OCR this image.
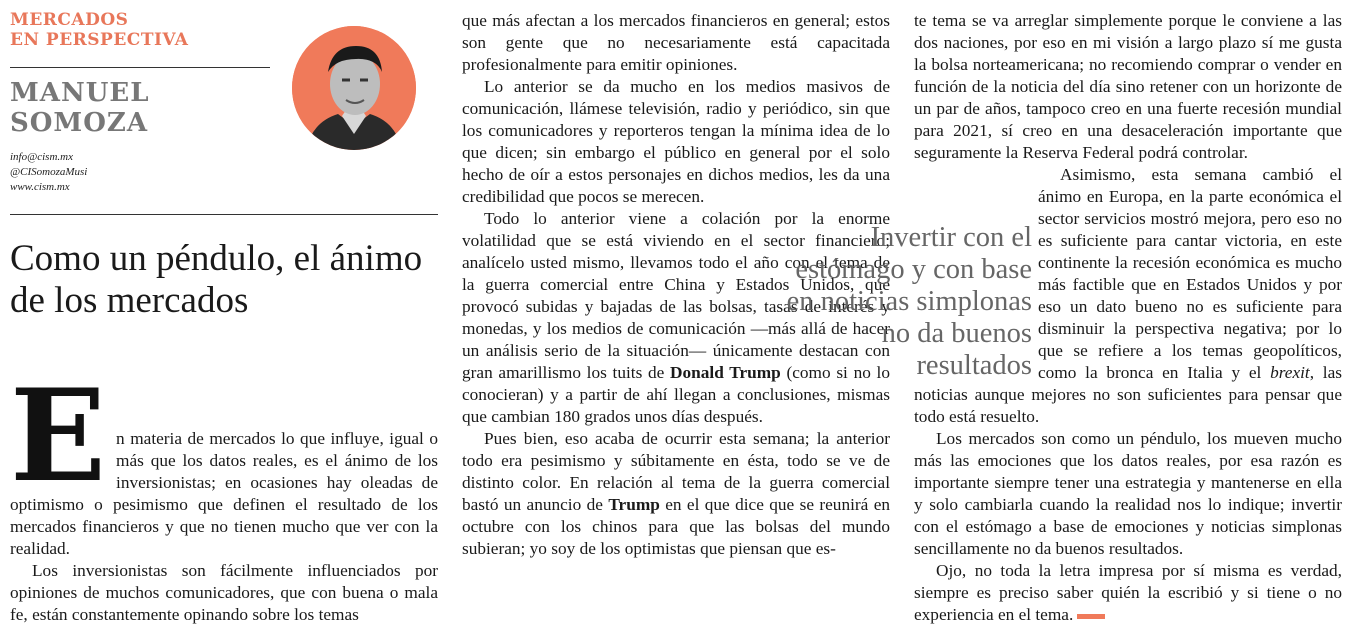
MERCADOS
EN PERSPECTIVA
MANUEL
SOMOZA
info@cism.mx
@CISomozaMusi
www.cism.mx
Como un péndulo, el ánimo de los mercados
E n materia de mercados lo que influye, igual o más que los datos reales, es el ánimo de los inversionistas; en ocasiones hay oleadas de optimismo o pesimismo que definen el resultado de los mercados financieros y que no tienen mucho que ver con la realidad.

Los inversionistas son fácilmente influenciados por opiniones de muchos comunicadores, que con buena o mala fe, están constantemente opinando sobre los temas

que más afectan a los mercados financieros en general; estos son gente que no necesariamente está capacitada profesionalmente para emitir opiniones.

Lo anterior se da mucho en los medios masivos de comunicación, llámese televisión, radio y periódico, sin que los comunicadores y reporteros tengan la mínima idea de lo que dicen; sin embargo el público en general por el solo hecho de oír a estos personajes en dichos medios, les da una credibilidad que pocos se merecen.

Todo lo anterior viene a colación por la enorme volatilidad que se está viviendo en el sector financiero; analícelo usted mismo, llevamos todo el año con el tema de la guerra comercial entre China y Estados Unidos, que provocó subidas y bajadas de las bolsas, tasas de interés y monedas, y los medios de comunicación —más allá de hacer un análisis serio de la situación— únicamente destacan con gran amarillismo los tuits de Donald Trump (como si no lo conocieran) y a partir de ahí llegan a conclusiones, mismas que cambian 180 grados unos días después.

Pues bien, eso acaba de ocurrir esta semana; la anterior todo era pesimismo y súbitamente en ésta, todo se ve de distinto color. En relación al tema de la guerra comercial bastó un anuncio de Trump en el que dice que se reunirá en octubre con los chinos para que las bolsas del mundo subieran; yo soy de los optimistas que piensan que es-

Invertir con el estómago y con base en noticias simplonas no da buenos resultados

te tema se va arreglar simplemente porque le conviene a las dos naciones, por eso en mi visión a largo plazo sí me gusta la bolsa norteamericana; no recomiendo comprar o vender en función de la noticia del día sino retener con un horizonte de un par de años, tampoco creo en una fuerte recesión mundial para 2021, sí creo en una desaceleración importante que seguramente la Reserva Federal podrá controlar.

Asimismo, esta semana cambió el ánimo en Europa, en la parte económica el sector servicios mostró mejora, pero eso no es suficiente para cantar victoria, en este continente la recesión económica es mucho más factible que en Estados Unidos y por eso un dato bueno no es suficiente para disminuir la perspectiva negativa; por lo que se refiere a los temas geopolíticos, como la bronca en Italia y el brexit, las noticias aunque mejores no son suficientes para pensar que todo está resuelto.

Los mercados son como un péndulo, los mueven mucho más las emociones que los datos reales, por esa razón es importante siempre tener una estrategia y mantenerse en ella y solo cambiarla cuando la realidad nos lo indique; invertir con el estómago a base de emociones y noticias simplonas sencillamente no da buenos resultados.

Ojo, no toda la letra impresa por sí misma es verdad, siempre es preciso saber quién la escribió y si tiene o no experiencia en el tema.
